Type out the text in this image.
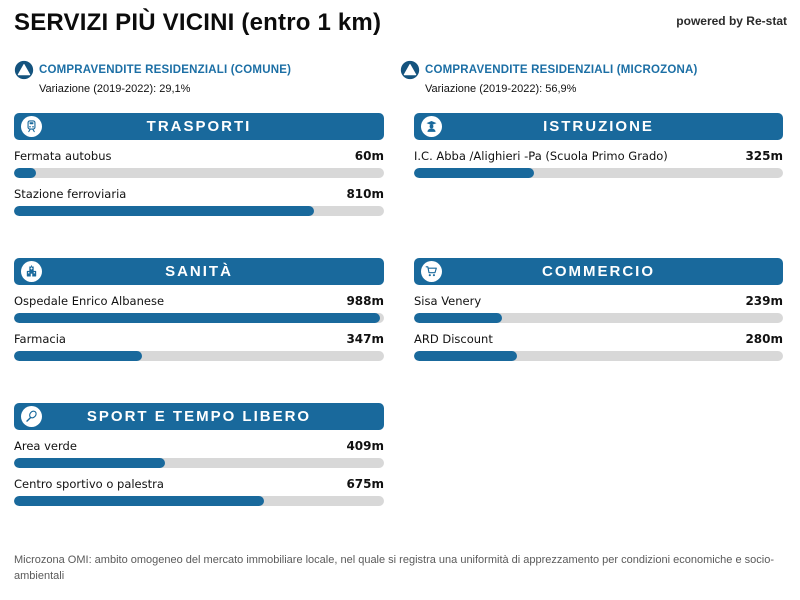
SERVIZI PIÙ VICINI (entro 1 km)	powered by Re-stat
COMPRAVENDITE RESIDENZIALI (COMUNE)
Variazione (2019-2022): 29,1%
COMPRAVENDITE RESIDENZIALI (MICROZONA)
Variazione (2019-2022): 56,9%
TRASPORTI
Fermata autobus	60m
Stazione ferroviaria	810m
SANITÀ
Ospedale Enrico Albanese	988m
Farmacia	347m
SPORT E TEMPO LIBERO
Area verde	409m
Centro sportivo o palestra	675m
ISTRUZIONE
I.C. Abba /Alighieri -Pa (Scuola Primo Grado)	325m
COMMERCIO
Sisa Venery	239m
ARD Discount	280m
Microzona OMI: ambito omogeneo del mercato immobiliare locale, nel quale si registra una uniformità di apprezzamento per condizioni economiche e socio-ambientali
